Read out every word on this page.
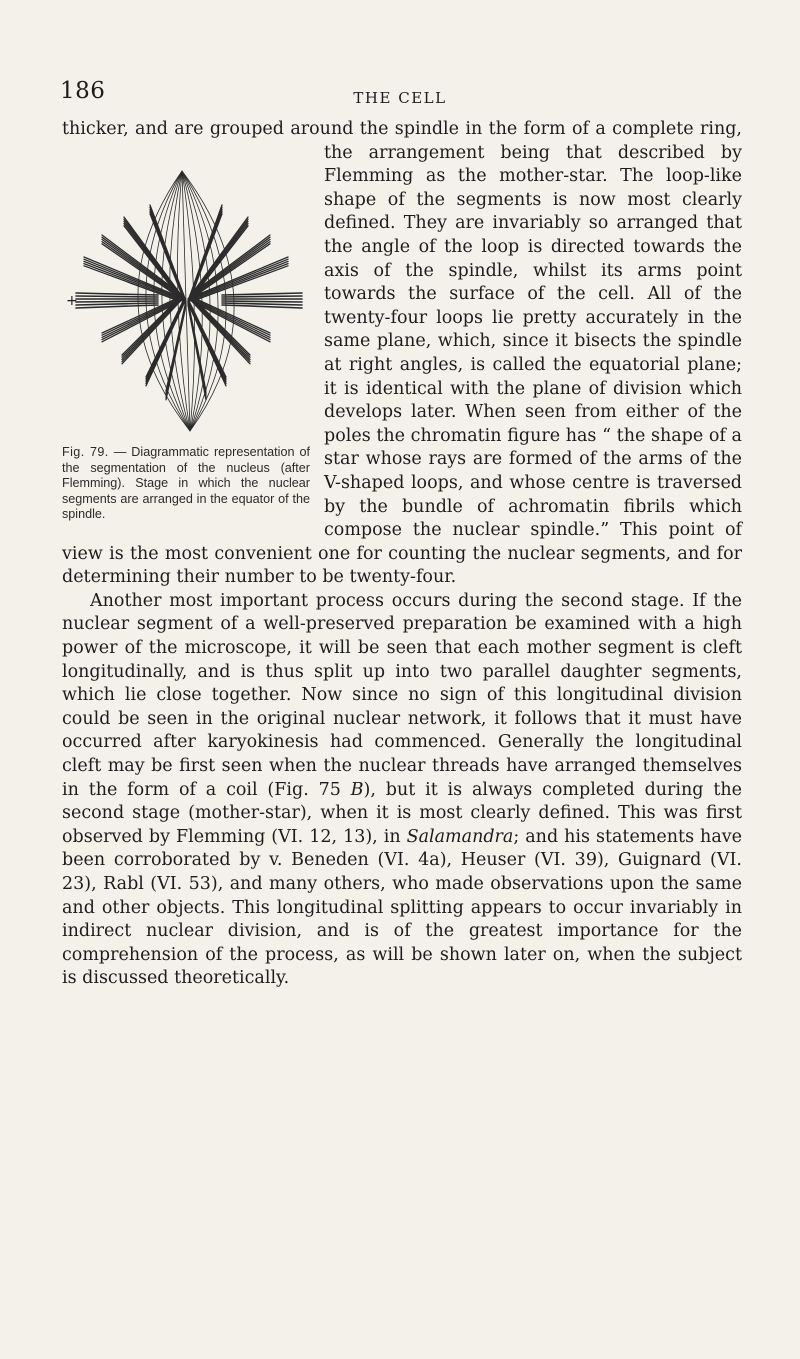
186	THE CELL
+
Fig. 79. — Diagrammatic representation of the segmentation of the nucleus (after Flemming). Stage in which the nuclear segments are arranged in the equator of the spindle.

thicker, and are grouped around the spindle in the form of a complete ring, the arrangement being that described by Flemming as the mother-star. The loop-like shape of the segments is now most clearly defined. They are invariably so arranged that the angle of the loop is directed towards the axis of the spindle, whilst its arms point towards the surface of the cell. All of the twenty-four loops lie pretty accurately in the same plane, which, since it bisects the spindle at right angles, is called the equatorial plane; it is identical with the plane of division which develops later. When seen from either of the poles the chromatin figure has “ the shape of a star whose rays are formed of the arms of the V-shaped loops, and whose centre is traversed by the bundle of achromatin fibrils which compose the nuclear spindle.” This point of view is the most convenient one for counting the nuclear segments, and for determining their number to be twenty-four.

Another most important process occurs during the second stage. If the nuclear segment of a well-preserved preparation be examined with a high power of the microscope, it will be seen that each mother segment is cleft longitudinally, and is thus split up into two parallel daughter segments, which lie close together. Now since no sign of this longitudinal division could be seen in the original nuclear network, it follows that it must have occurred after karyokinesis had commenced. Generally the longitudinal cleft may be first seen when the nuclear threads have arranged themselves in the form of a coil (Fig. 75 B), but it is always completed during the second stage (mother-star), when it is most clearly defined. This was first observed by Flemming (VI. 12, 13), in Salamandra; and his statements have been corroborated by v. Beneden (VI. 4a), Heuser (VI. 39), Guignard (VI. 23), Rabl (VI. 53), and many others, who made observations upon the same and other objects. This longitudinal splitting appears to occur invariably in indirect nuclear division, and is of the greatest importance for the comprehension of the process, as will be shown later on, when the subject is discussed theoretically.
